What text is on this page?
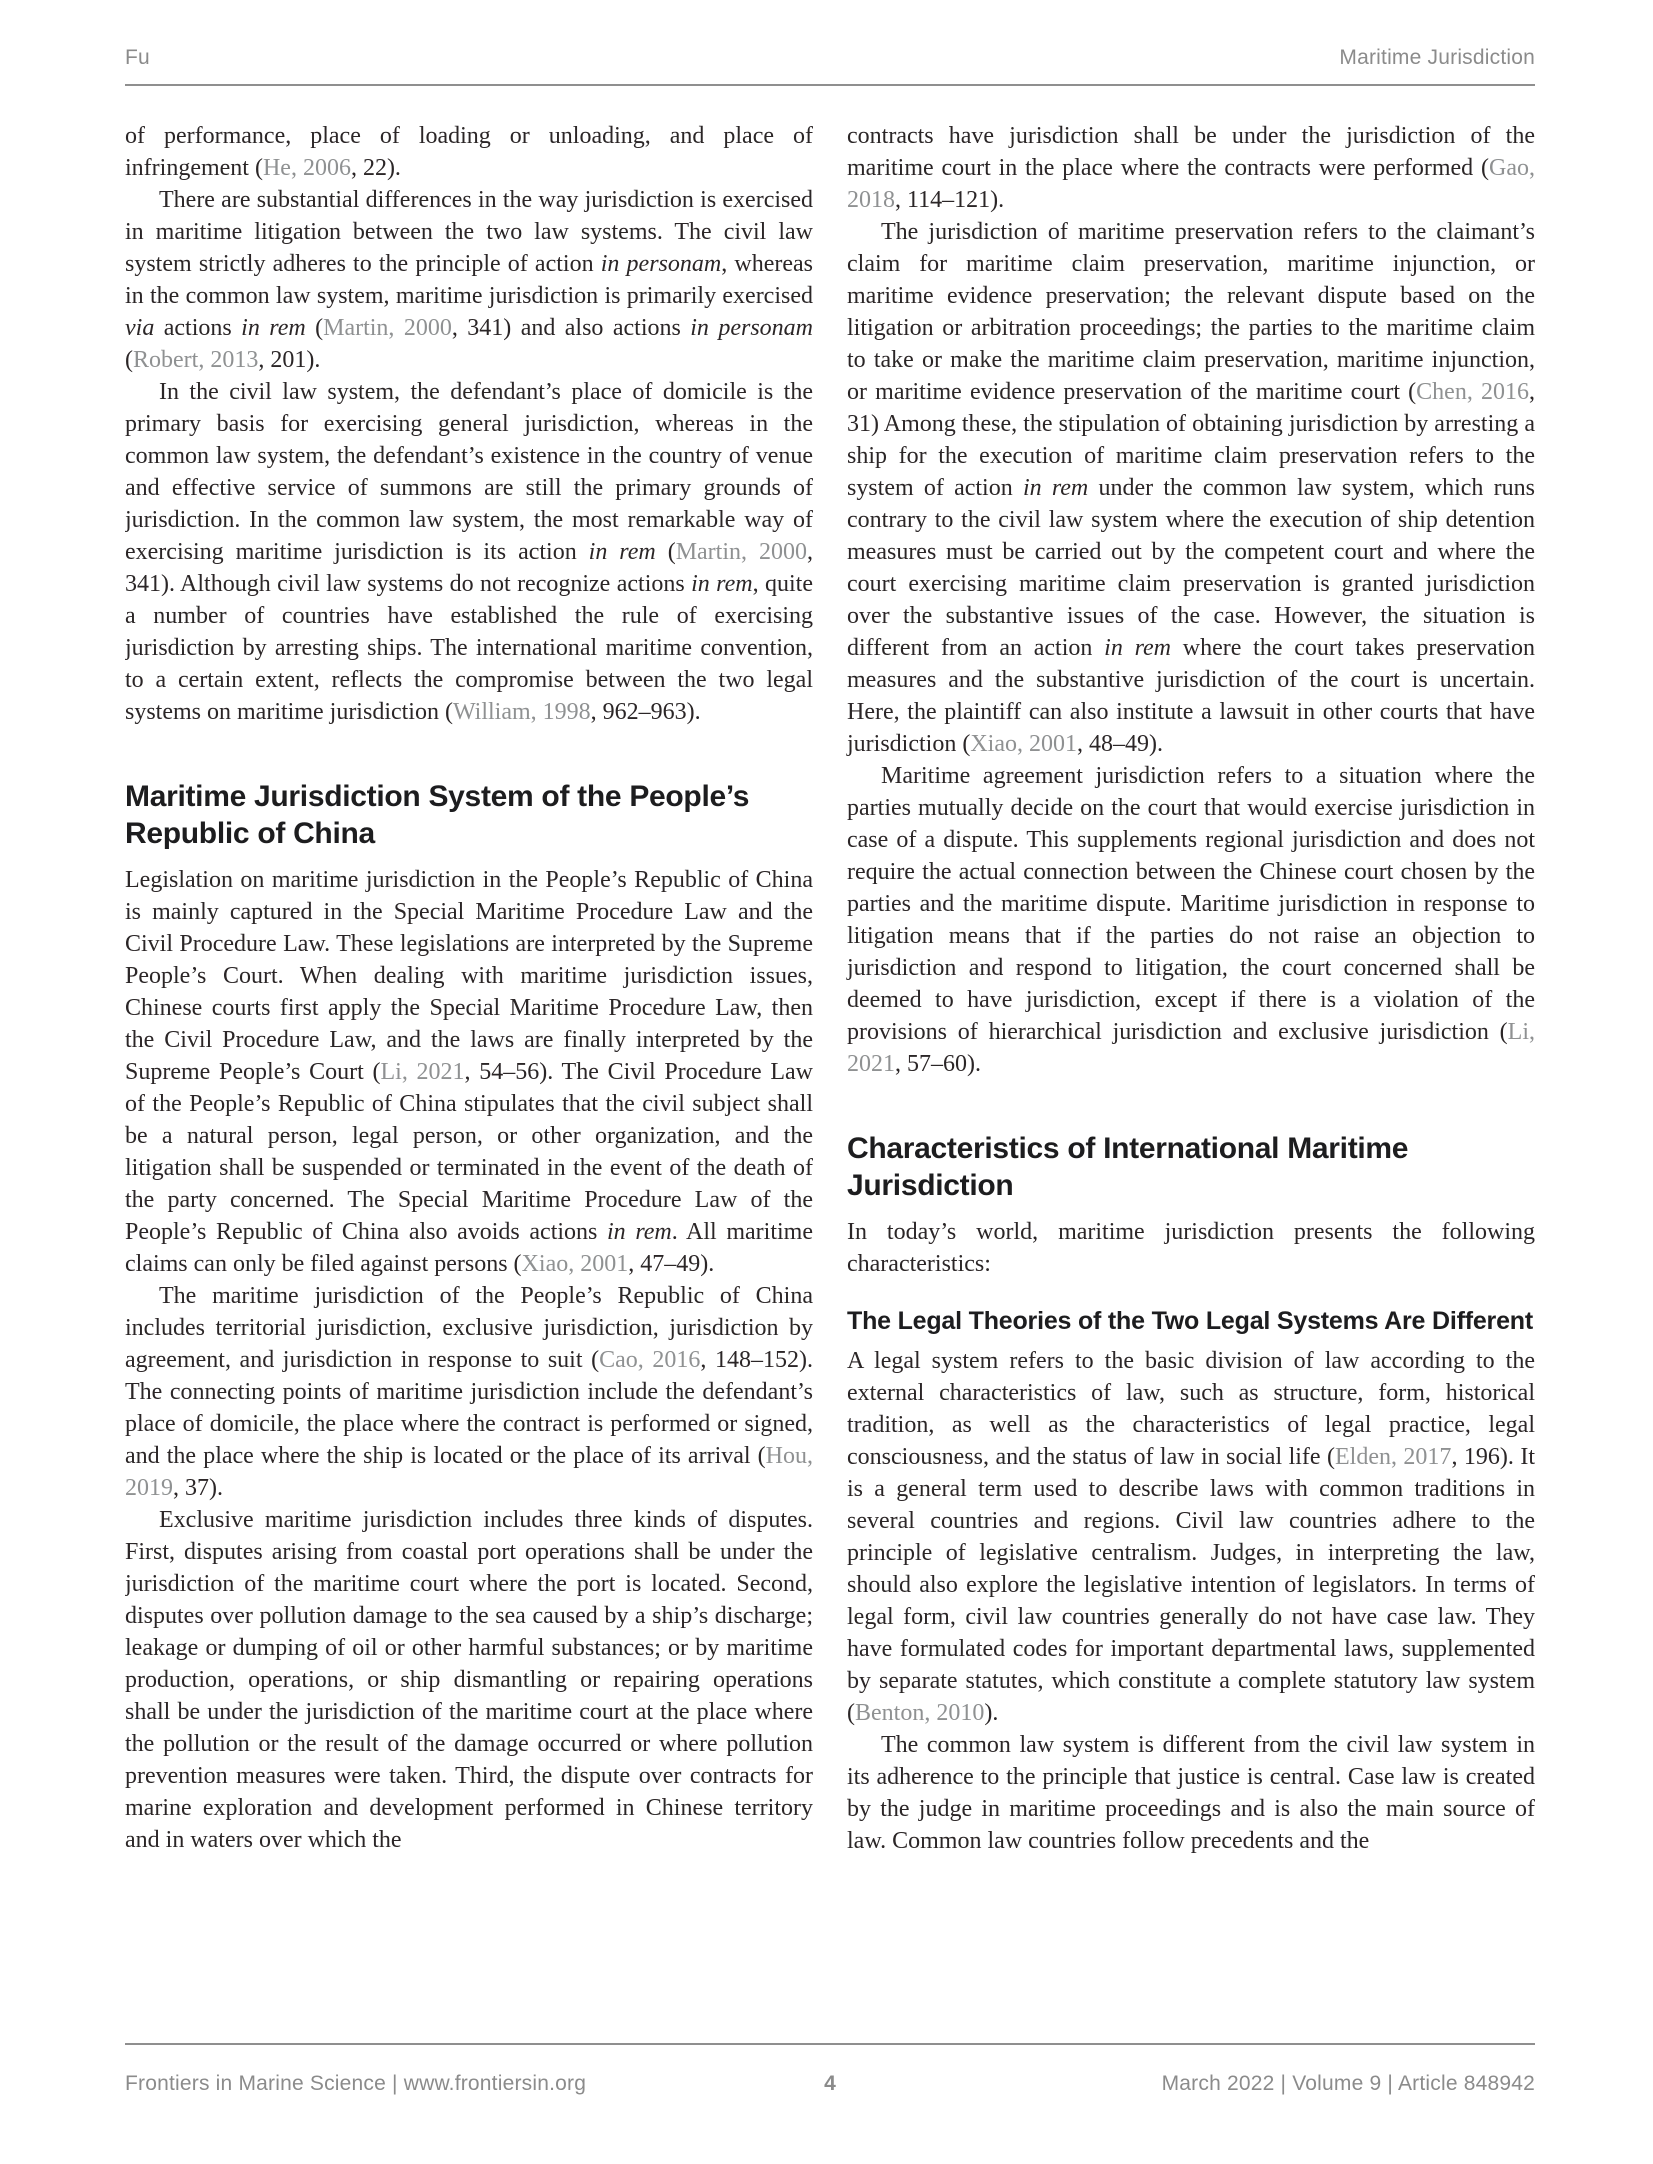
Fu	Maritime Jurisdiction

of performance, place of loading or unloading, and place of infringement (He, 2006, 22).

There are substantial differences in the way jurisdiction is exercised in maritime litigation between the two law systems. The civil law system strictly adheres to the principle of action in personam, whereas in the common law system, maritime jurisdiction is primarily exercised via actions in rem (Martin, 2000, 341) and also actions in personam (Robert, 2013, 201).

In the civil law system, the defendant’s place of domicile is the primary basis for exercising general jurisdiction, whereas in the common law system, the defendant’s existence in the country of venue and effective service of summons are still the primary grounds of jurisdiction. In the common law system, the most remarkable way of exercising maritime jurisdiction is its action in rem (Martin, 2000, 341). Although civil law systems do not recognize actions in rem, quite a number of countries have established the rule of exercising jurisdiction by arresting ships. The international maritime convention, to a certain extent, reflects the compromise between the two legal systems on maritime jurisdiction (William, 1998, 962–963).

Maritime Jurisdiction System of the People’s Republic of China

Legislation on maritime jurisdiction in the People’s Republic of China is mainly captured in the Special Maritime Procedure Law and the Civil Procedure Law. These legislations are interpreted by the Supreme People’s Court. When dealing with maritime jurisdiction issues, Chinese courts first apply the Special Maritime Procedure Law, then the Civil Procedure Law, and the laws are finally interpreted by the Supreme People’s Court (Li, 2021, 54–56). The Civil Procedure Law of the People’s Republic of China stipulates that the civil subject shall be a natural person, legal person, or other organization, and the litigation shall be suspended or terminated in the event of the death of the party concerned. The Special Maritime Procedure Law of the People’s Republic of China also avoids actions in rem. All maritime claims can only be filed against persons (Xiao, 2001, 47–49).

The maritime jurisdiction of the People’s Republic of China includes territorial jurisdiction, exclusive jurisdiction, jurisdiction by agreement, and jurisdiction in response to suit (Cao, 2016, 148–152). The connecting points of maritime jurisdiction include the defendant’s place of domicile, the place where the contract is performed or signed, and the place where the ship is located or the place of its arrival (Hou, 2019, 37).

Exclusive maritime jurisdiction includes three kinds of disputes. First, disputes arising from coastal port operations shall be under the jurisdiction of the maritime court where the port is located. Second, disputes over pollution damage to the sea caused by a ship’s discharge; leakage or dumping of oil or other harmful substances; or by maritime production, operations, or ship dismantling or repairing operations shall be under the jurisdiction of the maritime court at the place where the pollution or the result of the damage occurred or where pollution prevention measures were taken. Third, the dispute over contracts for marine exploration and development performed in Chinese territory and in waters over which the

contracts have jurisdiction shall be under the jurisdiction of the maritime court in the place where the contracts were performed (Gao, 2018, 114–121).

The jurisdiction of maritime preservation refers to the claimant’s claim for maritime claim preservation, maritime injunction, or maritime evidence preservation; the relevant dispute based on the litigation or arbitration proceedings; the parties to the maritime claim to take or make the maritime claim preservation, maritime injunction, or maritime evidence preservation of the maritime court (Chen, 2016, 31) Among these, the stipulation of obtaining jurisdiction by arresting a ship for the execution of maritime claim preservation refers to the system of action in rem under the common law system, which runs contrary to the civil law system where the execution of ship detention measures must be carried out by the competent court and where the court exercising maritime claim preservation is granted jurisdiction over the substantive issues of the case. However, the situation is different from an action in rem where the court takes preservation measures and the substantive jurisdiction of the court is uncertain. Here, the plaintiff can also institute a lawsuit in other courts that have jurisdiction (Xiao, 2001, 48–49).

Maritime agreement jurisdiction refers to a situation where the parties mutually decide on the court that would exercise jurisdiction in case of a dispute. This supplements regional jurisdiction and does not require the actual connection between the Chinese court chosen by the parties and the maritime dispute. Maritime jurisdiction in response to litigation means that if the parties do not raise an objection to jurisdiction and respond to litigation, the court concerned shall be deemed to have jurisdiction, except if there is a violation of the provisions of hierarchical jurisdiction and exclusive jurisdiction (Li, 2021, 57–60).

Characteristics of International Maritime Jurisdiction

In today’s world, maritime jurisdiction presents the following characteristics:

The Legal Theories of the Two Legal Systems Are Different

A legal system refers to the basic division of law according to the external characteristics of law, such as structure, form, historical tradition, as well as the characteristics of legal practice, legal consciousness, and the status of law in social life (Elden, 2017, 196). It is a general term used to describe laws with common traditions in several countries and regions. Civil law countries adhere to the principle of legislative centralism. Judges, in interpreting the law, should also explore the legislative intention of legislators. In terms of legal form, civil law countries generally do not have case law. They have formulated codes for important departmental laws, supplemented by separate statutes, which constitute a complete statutory law system (Benton, 2010).

The common law system is different from the civil law system in its adherence to the principle that justice is central. Case law is created by the judge in maritime proceedings and is also the main source of law. Common law countries follow precedents and the

Frontiers in Marine Science | www.frontiersin.org	4	March 2022 | Volume 9 | Article 848942
